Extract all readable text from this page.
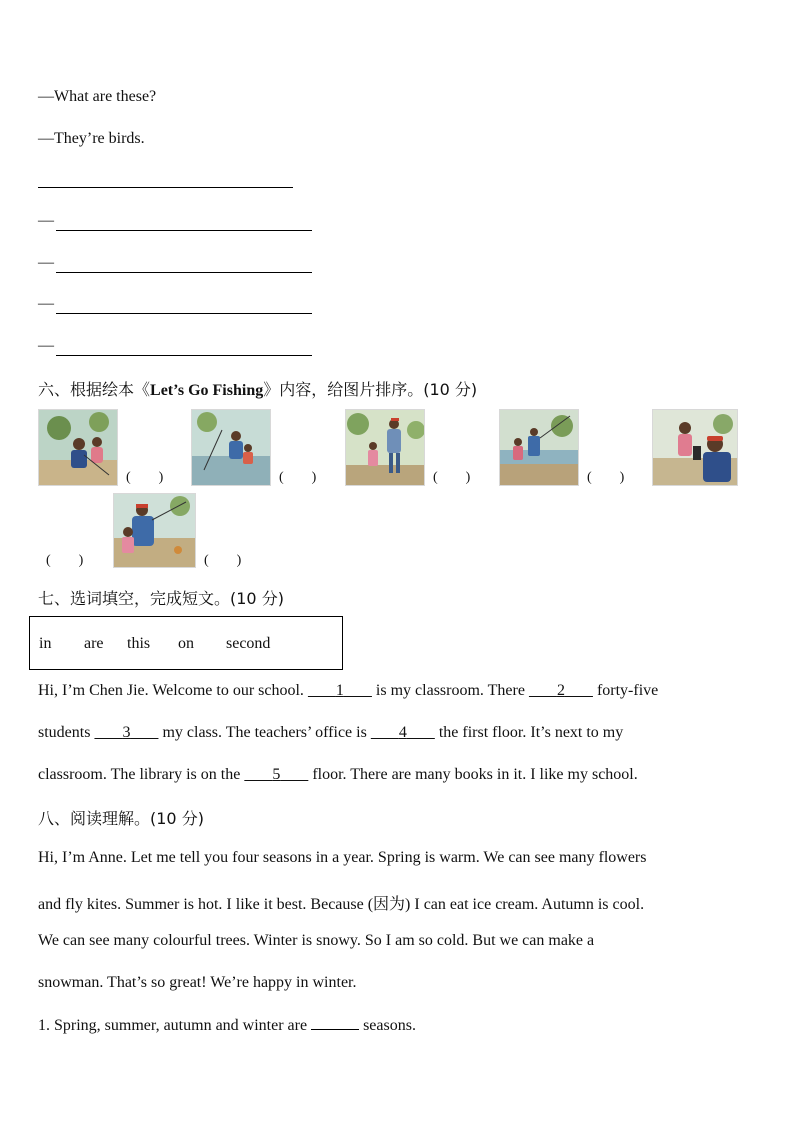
—What are these?
—They’re birds.
—
—
—
—
六、根据绘本《Let’s Go Fishing》内容，给图片排序。(10 分)
(        )	(        )	(        )	(        )
(        )	(        )
七、选词填空，完成短文。(10 分)
in are this on second
Hi, I’m Chen Jie. Welcome to our school.        1        is my classroom. There        2        forty-five
students        3        my class. The teachers’ office is        4        the first floor. It’s next to my
classroom. The library is on the        5        floor. There are many books in it. I like my school.
八、阅读理解。(10 分)
Hi, I’m Anne. Let me tell you four seasons in a year. Spring is warm. We can see many flowers
and fly kites. Summer is hot. I like it best. Because (因为) I can eat ice cream. Autumn is cool.
We can see many colourful trees. Winter is snowy. So I am so cold. But we can make a
snowman. That’s so great! We’re happy in winter.
1. Spring, summer, autumn and winter are	seasons.
